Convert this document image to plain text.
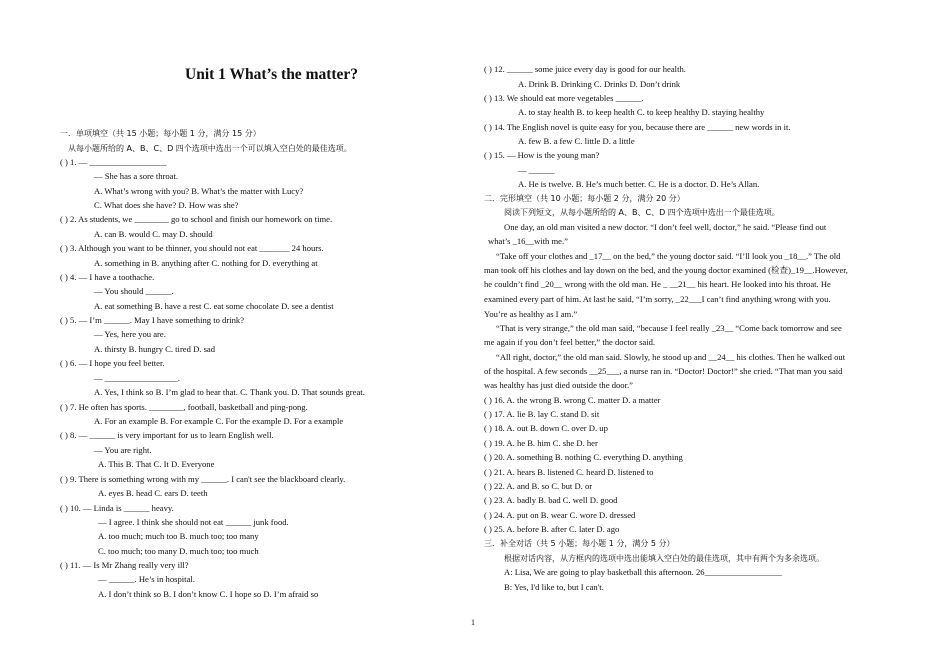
Unit 1 What’s the matter?
一．单项填空（共 15 小题；每小题 1 分，满分 15 分）
从每小题所给的 A、B、C、D 四个选项中选出一个可以填入空白处的最佳选项。
( ) 1. — __________________
— She has a sore throat.
A. What’s wrong with you? B. What’s the matter with Lucy?
C. What does she have? D. How was she?
( ) 2. As students, we ________ go to school and finish our homework on time.
A. can B. would C. may D. should
( ) 3. Although you want to be thinner, you should not eat _______ 24 hours.
A. something in B. anything after C. nothing for D. everything at
( ) 4. — I have a toothache.
— You should ______.
A. eat something B. have a rest C. eat some chocolate D. see a dentist
( ) 5. — I’m ______. May I have something to drink?
— Yes, here you are.
A. thirsty B. hungry C. tired D. sad
( ) 6. — I hope you feel better.
— _________________.
A. Yes, I think so B. I’m glad to hear that. C. Thank you. D. That sounds great.
( ) 7. He often has sports. ________, football, basketball and ping-pong.
A. For an example B. For example C. For the example D. For a example
( ) 8. — ______ is very important for us to learn English well.
— You are right.
A. This B. That C. It D. Everyone
( ) 9. There is something wrong with my ______. I can't see the blackboard clearly.
A. eyes B. head C. ears D. teeth
( ) 10. — Linda is ______ heavy.
— I agree. I think she should not eat ______ junk food.
A. too much; much too B. much too; too many
C. too much; too many D. much too; too much
( ) 11. — Is Mr Zhang really very ill?
— ______. He’s in hospital.
A. I don’t think so B. I don’t know C. I hope so D. I’m afraid so
( ) 12. ______ some juice every day is good for our health.
A. Drink B. Drinking C. Drinks D. Don’t drink
( ) 13. We should eat more vegetables ______.
A. to stay health B. to keep health C. to keep healthy D. staying healthy
( ) 14. The English novel is quite easy for you, because there are ______ new words in it.
A. few B. a few C. little D. a little
( ) 15. — How is the young man?
— ______
A. He is twelve. B. He’s much better. C. He is a doctor. D. He’s Allan.
二．完形填空（共 10 小题；每小题 2 分，满分 20 分）
阅读下列短文，从每小题所给的 A、B、C、D 四个选项中选出一个最佳选项。
One day, an old man visited a new doctor. “I don’t feel well, doctor,” he said. “Please find out
what’s _16__with me.”
“Take off your clothes and _17__ on the bed,” the young doctor said. “I’ll look you _18__.” The old
man took off his clothes and lay down on the bed, and the young doctor examined (检查)_19__.However,
he couldn’t find _20__ wrong with the old man. He _ __21__ his heart. He looked into his throat. He
examined every part of him. At last he said, “I’m sorry, _22___I can’t find anything wrong with you.
You’re as healthy as I am.”
“That is very strange,” the old man said, “because I feel really _23__ “Come back tomorrow and see
me again if you don’t feel better,” the doctor said.
“All right, doctor,” the old man said. Slowly, he stood up and __24__ his clothes. Then he walked out
of the hospital. A few seconds __25___, a nurse ran in. “Doctor! Doctor!” she cried. “That man you said
was healthy has just died outside the door.”
( ) 16. A. the wrong B. wrong C. matter D. a matter
( ) 17. A. lie B. lay C. stand D. sit
( ) 18. A. out B. down C. over D. up
( ) 19. A. he B. him C. she D. her
( ) 20. A. something B. nothing C. everything D. anything
( ) 21. A. hears B. listened C. heard D. listened to
( ) 22. A. and B. so C. but D. or
( ) 23. A. badly B. bad C. well D. good
( ) 24. A. put on B. wear C. wore D. dressed
( ) 25. A. before B. after C. later D. ago
三．补全对话（共 5 小题；每小题 1 分，满分 5 分）
根据对话内容，从方框内的选项中选出能填入空白处的最佳选项，其中有两个为多余选项。
A: Lisa, We are going to play basketball this afternoon. 26__________________
B: Yes, I'd like to, but I can't.
1
